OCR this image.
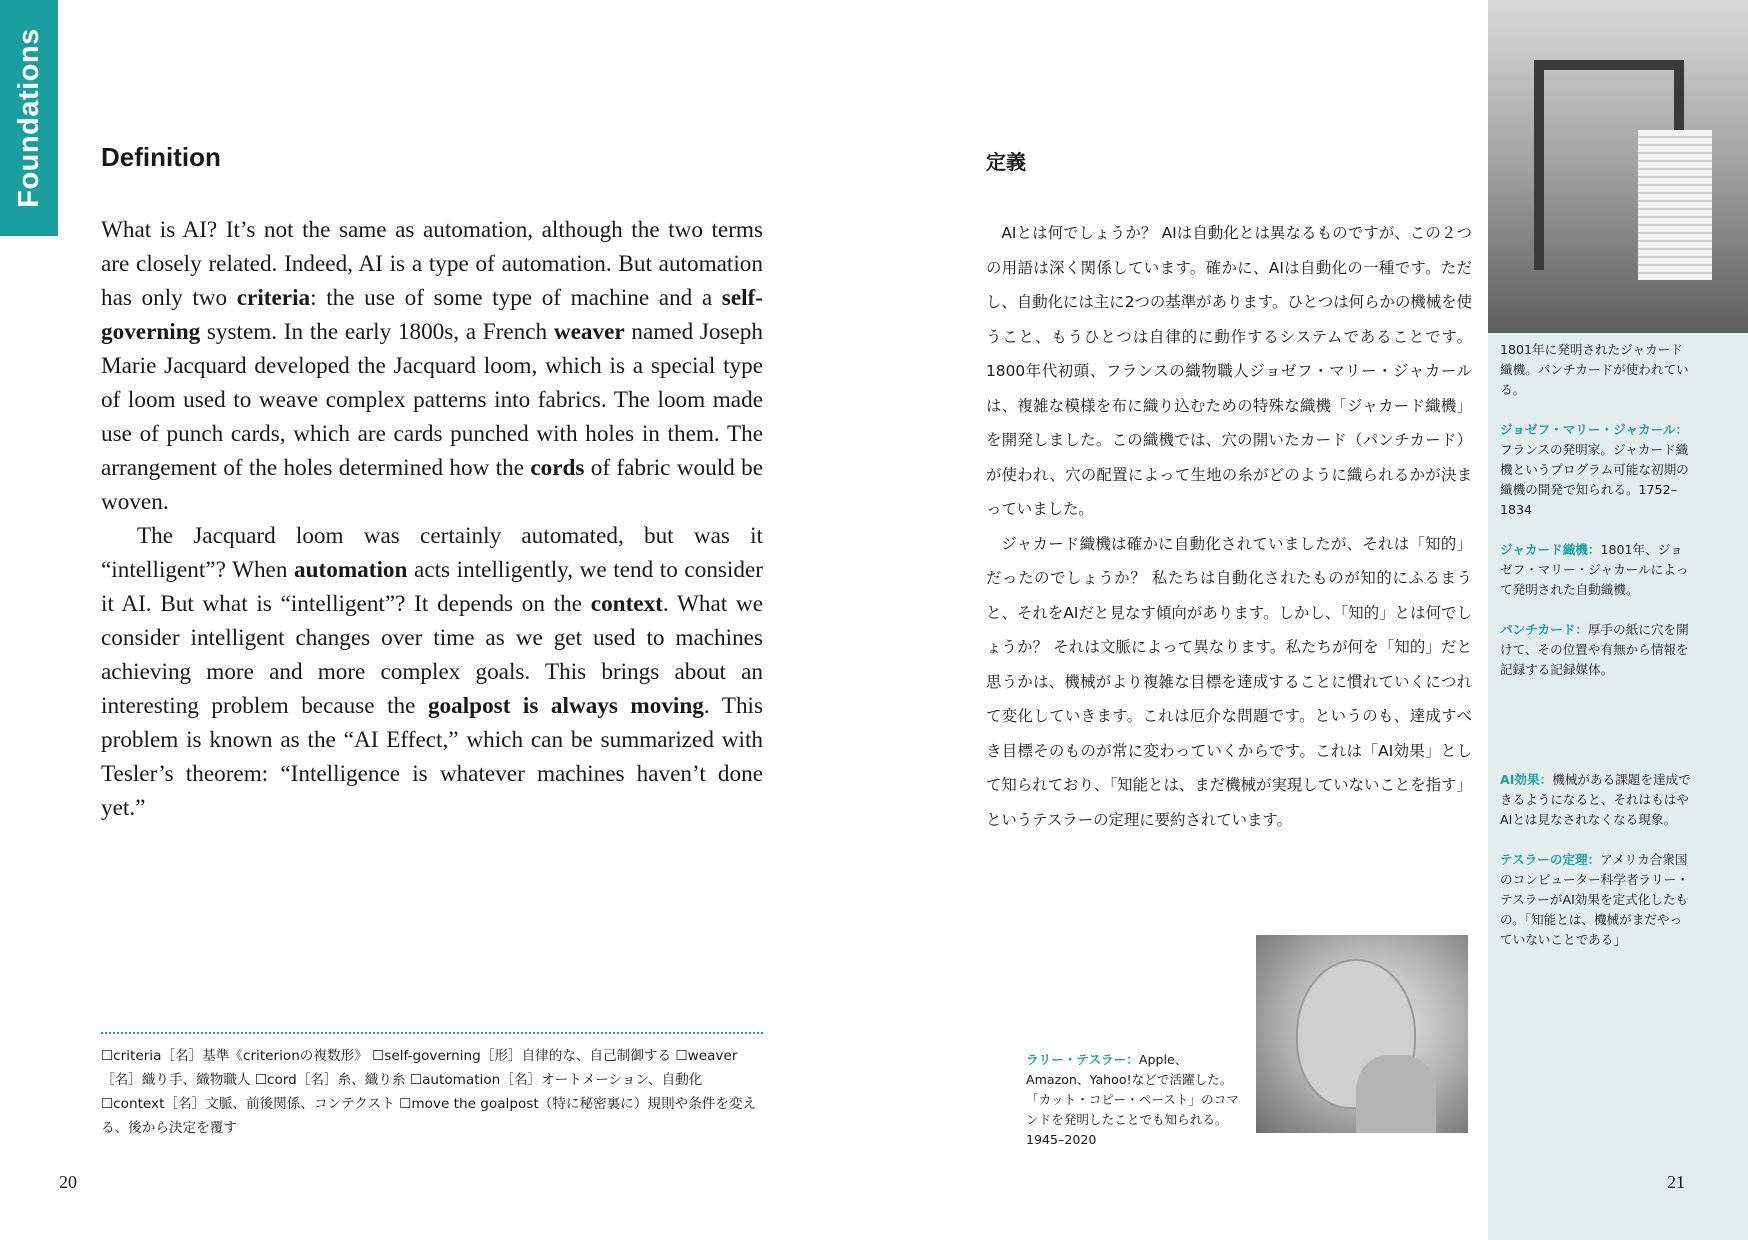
Foundations	Definition

What is AI? It’s not the same as automation, although the two terms are closely related. Indeed, AI is a type of automation. But automation has only two criteria: the use of some type of machine and a self-governing system. In the early 1800s, a French weaver named Joseph Marie Jacquard developed the Jacquard loom, which is a special type of loom used to weave complex patterns into fabrics. The loom made use of punch cards, which are cards punched with holes in them. The arrangement of the holes determined how the cords of fabric would be woven.

The Jacquard loom was certainly automated, but was it “intelligent”? When automation acts intelligently, we tend to consider it AI. But what is “intelligent”? It depends on the context. What we consider intelligent changes over time as we get used to machines achieving more and more complex goals. This brings about an interesting problem because the goalpost is always moving. This problem is known as the “AI Effect,” which can be summarized with Tesler’s theorem: “Intelligence is whatever machines haven’t done yet.”

☐criteria［名］基準《criterionの複数形》 ☐self-governing［形］自律的な、自己制御する ☐weaver［名］織り手、織物職人 ☐cord［名］糸、織り糸 ☐automation［名］オートメーション、自動化 ☐context［名］文脈、前後関係、コンテクスト ☐move the goalpost（特に秘密裏に）規則や条件を変える、後から決定を覆す
20
定義

AIとは何でしょうか？ AIは自動化とは異なるものですが、この２つの用語は深く関係しています。確かに、AIは自動化の一種です。ただし、自動化には主に2つの基準があります。ひとつは何らかの機械を使うこと、もうひとつは自律的に動作するシステムであることです。1800年代初頭、フランスの織物職人ジョゼフ・マリー・ジャカールは、複雑な模様を布に織り込むための特殊な織機「ジャカード織機」を開発しました。この織機では、穴の開いたカード（パンチカード）が使われ、穴の配置によって生地の糸がどのように織られるかが決まっていました。

ジャカード織機は確かに自動化されていましたが、それは「知的」だったのでしょうか？ 私たちは自動化されたものが知的にふるまうと、それをAIだと見なす傾向があります。しかし、「知的」とは何でしょうか？ それは文脈によって異なります。私たちが何を「知的」だと思うかは、機械がより複雑な目標を達成することに慣れていくにつれて変化していきます。これは厄介な問題です。というのも、達成すべき目標そのものが常に変わっていくからです。これは「AI効果」として知られており、「知能とは、まだ機械が実現していないことを指す」というテスラーの定理に要約されています。

ラリー・テスラー：Apple、Amazon、Yahoo!などで活躍した。「カット・コピー・ペースト」のコマンドを発明したことでも知られる。1945–2020
1801年に発明されたジャカード織機。パンチカードが使われている。
ジョゼフ・マリー・ジャカール：フランスの発明家。ジャカード織機というプログラム可能な初期の織機の開発で知られる。1752–1834
ジャカード織機：1801年、ジョゼフ・マリー・ジャカールによって発明された自動織機。
パンチカード：厚手の紙に穴を開けて、その位置や有無から情報を記録する記録媒体。
AI効果：機械がある課題を達成できるようになると、それはもはやAIとは見なされなくなる現象。
テスラーの定理：アメリカ合衆国のコンピューター科学者ラリー・テスラーがAI効果を定式化したもの。「知能とは、機械がまだやっていないことである」
21
